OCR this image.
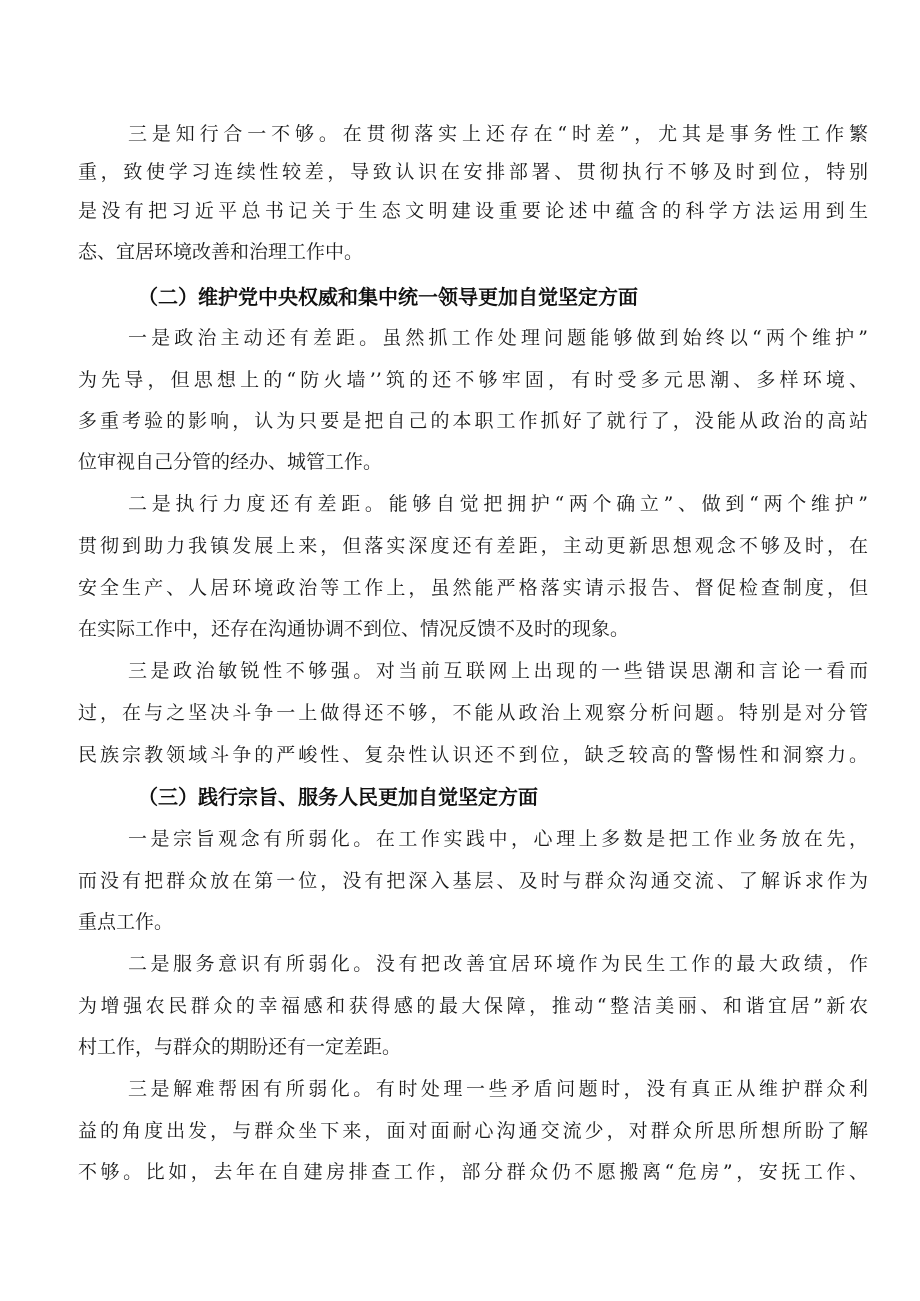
三是知行合一不够。在贯彻落实上还存在“时差”，尤其是事务性工作繁
重，致使学习连续性较差，导致认识在安排部署、贯彻执行不够及时到位，特别
是没有把习近平总书记关于生态文明建设重要论述中蕴含的科学方法运用到生
态、宜居环境改善和治理工作中。
（二）维护党中央权威和集中统一领导更加自觉坚定方面
一是政治主动还有差距。虽然抓工作处理问题能够做到始终以“两个维护”
为先导，但思想上的“防火墙’’筑的还不够牢固，有时受多元思潮、多样环境、
多重考验的影响，认为只要是把自己的本职工作抓好了就行了，没能从政治的高站
位审视自己分管的经办、城管工作。
二是执行力度还有差距。能够自觉把拥护“两个确立”、做到“两个维护”
贯彻到助力我镇发展上来，但落实深度还有差距，主动更新思想观念不够及时，在
安全生产、人居环境政治等工作上，虽然能严格落实请示报告、督促检查制度，但
在实际工作中，还存在沟通协调不到位、情况反馈不及时的现象。
三是政治敏锐性不够强。对当前互联网上出现的一些错误思潮和言论一看而
过，在与之坚决斗争一上做得还不够，不能从政治上观察分析问题。特别是对分管
民族宗教领域斗争的严峻性、复杂性认识还不到位，缺乏较高的警惕性和洞察力。
（三）践行宗旨、服务人民更加自觉坚定方面
一是宗旨观念有所弱化。在工作实践中，心理上多数是把工作业务放在先，
而没有把群众放在第一位，没有把深入基层、及时与群众沟通交流、了解诉求作为
重点工作。
二是服务意识有所弱化。没有把改善宜居环境作为民生工作的最大政绩，作
为增强农民群众的幸福感和获得感的最大保障，推动“整洁美丽、和谐宜居”新农
村工作，与群众的期盼还有一定差距。
三是解难帮困有所弱化。有时处理一些矛盾问题时，没有真正从维护群众利
益的角度出发，与群众坐下来，面对面耐心沟通交流少，对群众所思所想所盼了解
不够。比如，去年在自建房排查工作，部分群众仍不愿搬离“危房”，安抚工作、
